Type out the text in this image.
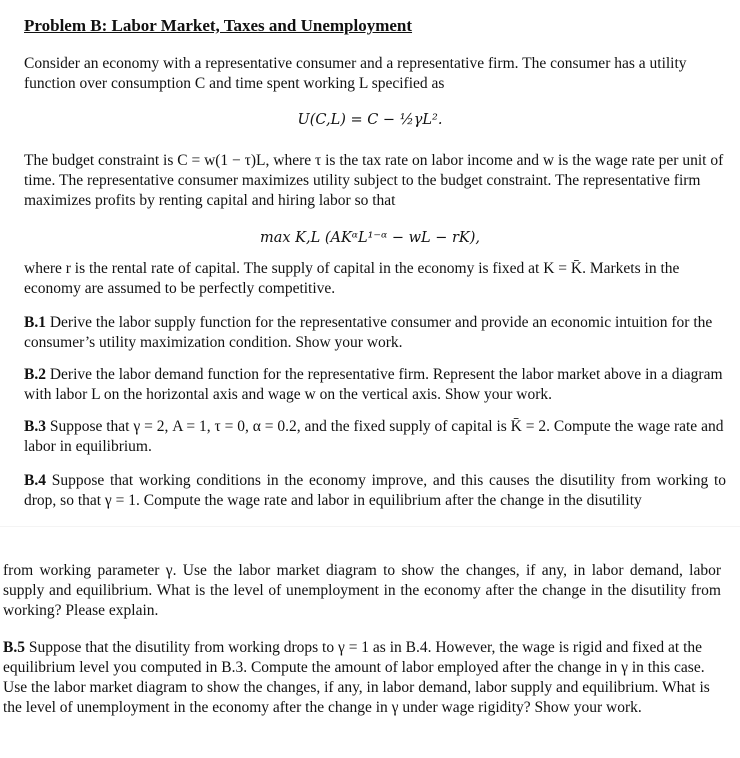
Problem B: Labor Market, Taxes and Unemployment

Consider an economy with a representative consumer and a representative firm. The consumer has a utility function over consumption C and time spent working L specified as

U(C,L) = C − ½γL².

The budget constraint is C = w(1 − τ)L, where τ is the tax rate on labor income and w is the wage rate per unit of time. The representative consumer maximizes utility subject to the budget constraint. The representative firm maximizes profits by renting capital and hiring labor so that

max K,L (AKᵅL¹⁻ᵅ − wL − rK),

where r is the rental rate of capital. The supply of capital in the economy is fixed at K = K̄. Markets in the economy are assumed to be perfectly competitive.

B.1 Derive the labor supply function for the representative consumer and provide an economic intuition for the consumer’s utility maximization condition. Show your work.

B.2 Derive the labor demand function for the representative firm. Represent the labor market above in a diagram with labor L on the horizontal axis and wage w on the vertical axis. Show your work.

B.3 Suppose that γ = 2, A = 1, τ = 0, α = 0.2, and the fixed supply of capital is K̄ = 2. Compute the wage rate and labor in equilibrium.

B.4 Suppose that working conditions in the economy improve, and this causes the disutility from working to drop, so that γ = 1. Compute the wage rate and labor in equilibrium after the change in the disutility

from working parameter γ. Use the labor market diagram to show the changes, if any, in labor demand, labor supply and equilibrium. What is the level of unemployment in the economy after the change in the disutility from working? Please explain.

B.5 Suppose that the disutility from working drops to γ = 1 as in B.4. However, the wage is rigid and fixed at the equilibrium level you computed in B.3. Compute the amount of labor employed after the change in γ in this case. Use the labor market diagram to show the changes, if any, in labor demand, labor supply and equilibrium. What is the level of unemployment in the economy after the change in γ under wage rigidity? Show your work.
